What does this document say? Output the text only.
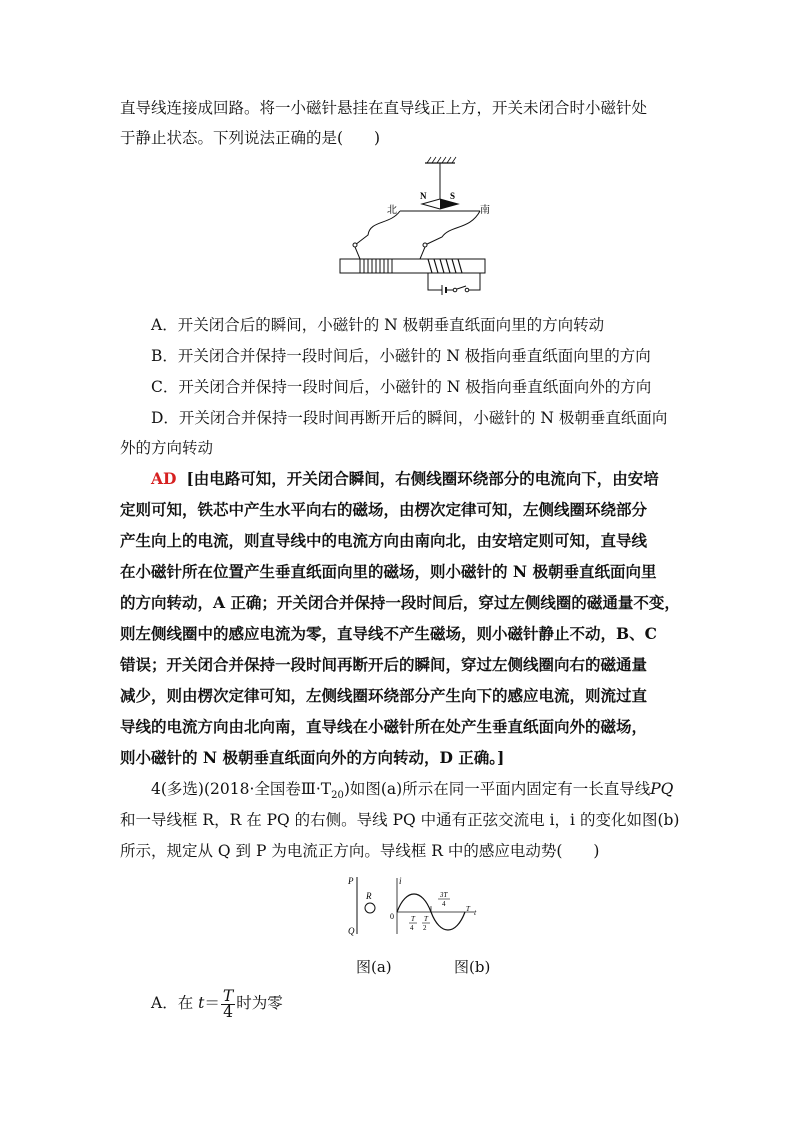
直导线连接成回路。将一小磁针悬挂在直导线正上方，开关未闭合时小磁针处
于静止状态。下列说法正确的是(　　)
N	S
北	南
A．开关闭合后的瞬间，小磁针的 N 极朝垂直纸面向里的方向转动
B．开关闭合并保持一段时间后，小磁针的 N 极指向垂直纸面向里的方向
C．开关闭合并保持一段时间后，小磁针的 N 极指向垂直纸面向外的方向
D．开关闭合并保持一段时间再断开后的瞬间，小磁针的 N 极朝垂直纸面向
外的方向转动
AD [由电路可知，开关闭合瞬间，右侧线圈环绕部分的电流向下，由安培
定则可知，铁芯中产生水平向右的磁场，由楞次定律可知，左侧线圈环绕部分
产生向上的电流，则直导线中的电流方向由南向北，由安培定则可知，直导线
在小磁针所在位置产生垂直纸面向里的磁场，则小磁针的 N 极朝垂直纸面向里
的方向转动，A 正确；开关闭合并保持一段时间后，穿过左侧线圈的磁通量不变，
则左侧线圈中的感应电流为零，直导线不产生磁场，则小磁针静止不动，B、C
错误；开关闭合并保持一段时间再断开后的瞬间，穿过左侧线圈向右的磁通量
减少，则由楞次定律可知，左侧线圈环绕部分产生向下的感应电流，则流过直
导线的电流方向由北向南，直导线在小磁针所在处产生垂直纸面向外的磁场，
则小磁针的 N 极朝垂直纸面向外的方向转动，D 正确。]
4(多选)(2018·全国卷$Ⅲ\cdot T_{20}$)如图(a)所示在同一平面内固定有一长直导线PQ
和一导线框 R，R 在 PQ 的右侧。导线 PQ 中通有正弦交流电 i，i 的变化如图(b)
所示，规定从 Q 到 P 为电流正方向。导线框 R 中的感应电动势(　　)
P
Q
R
i
t
0 T
4
T
2
3T
4
T
图(a)	图(b)
A．在 $t= \frac{T}{4}$ 时为零
